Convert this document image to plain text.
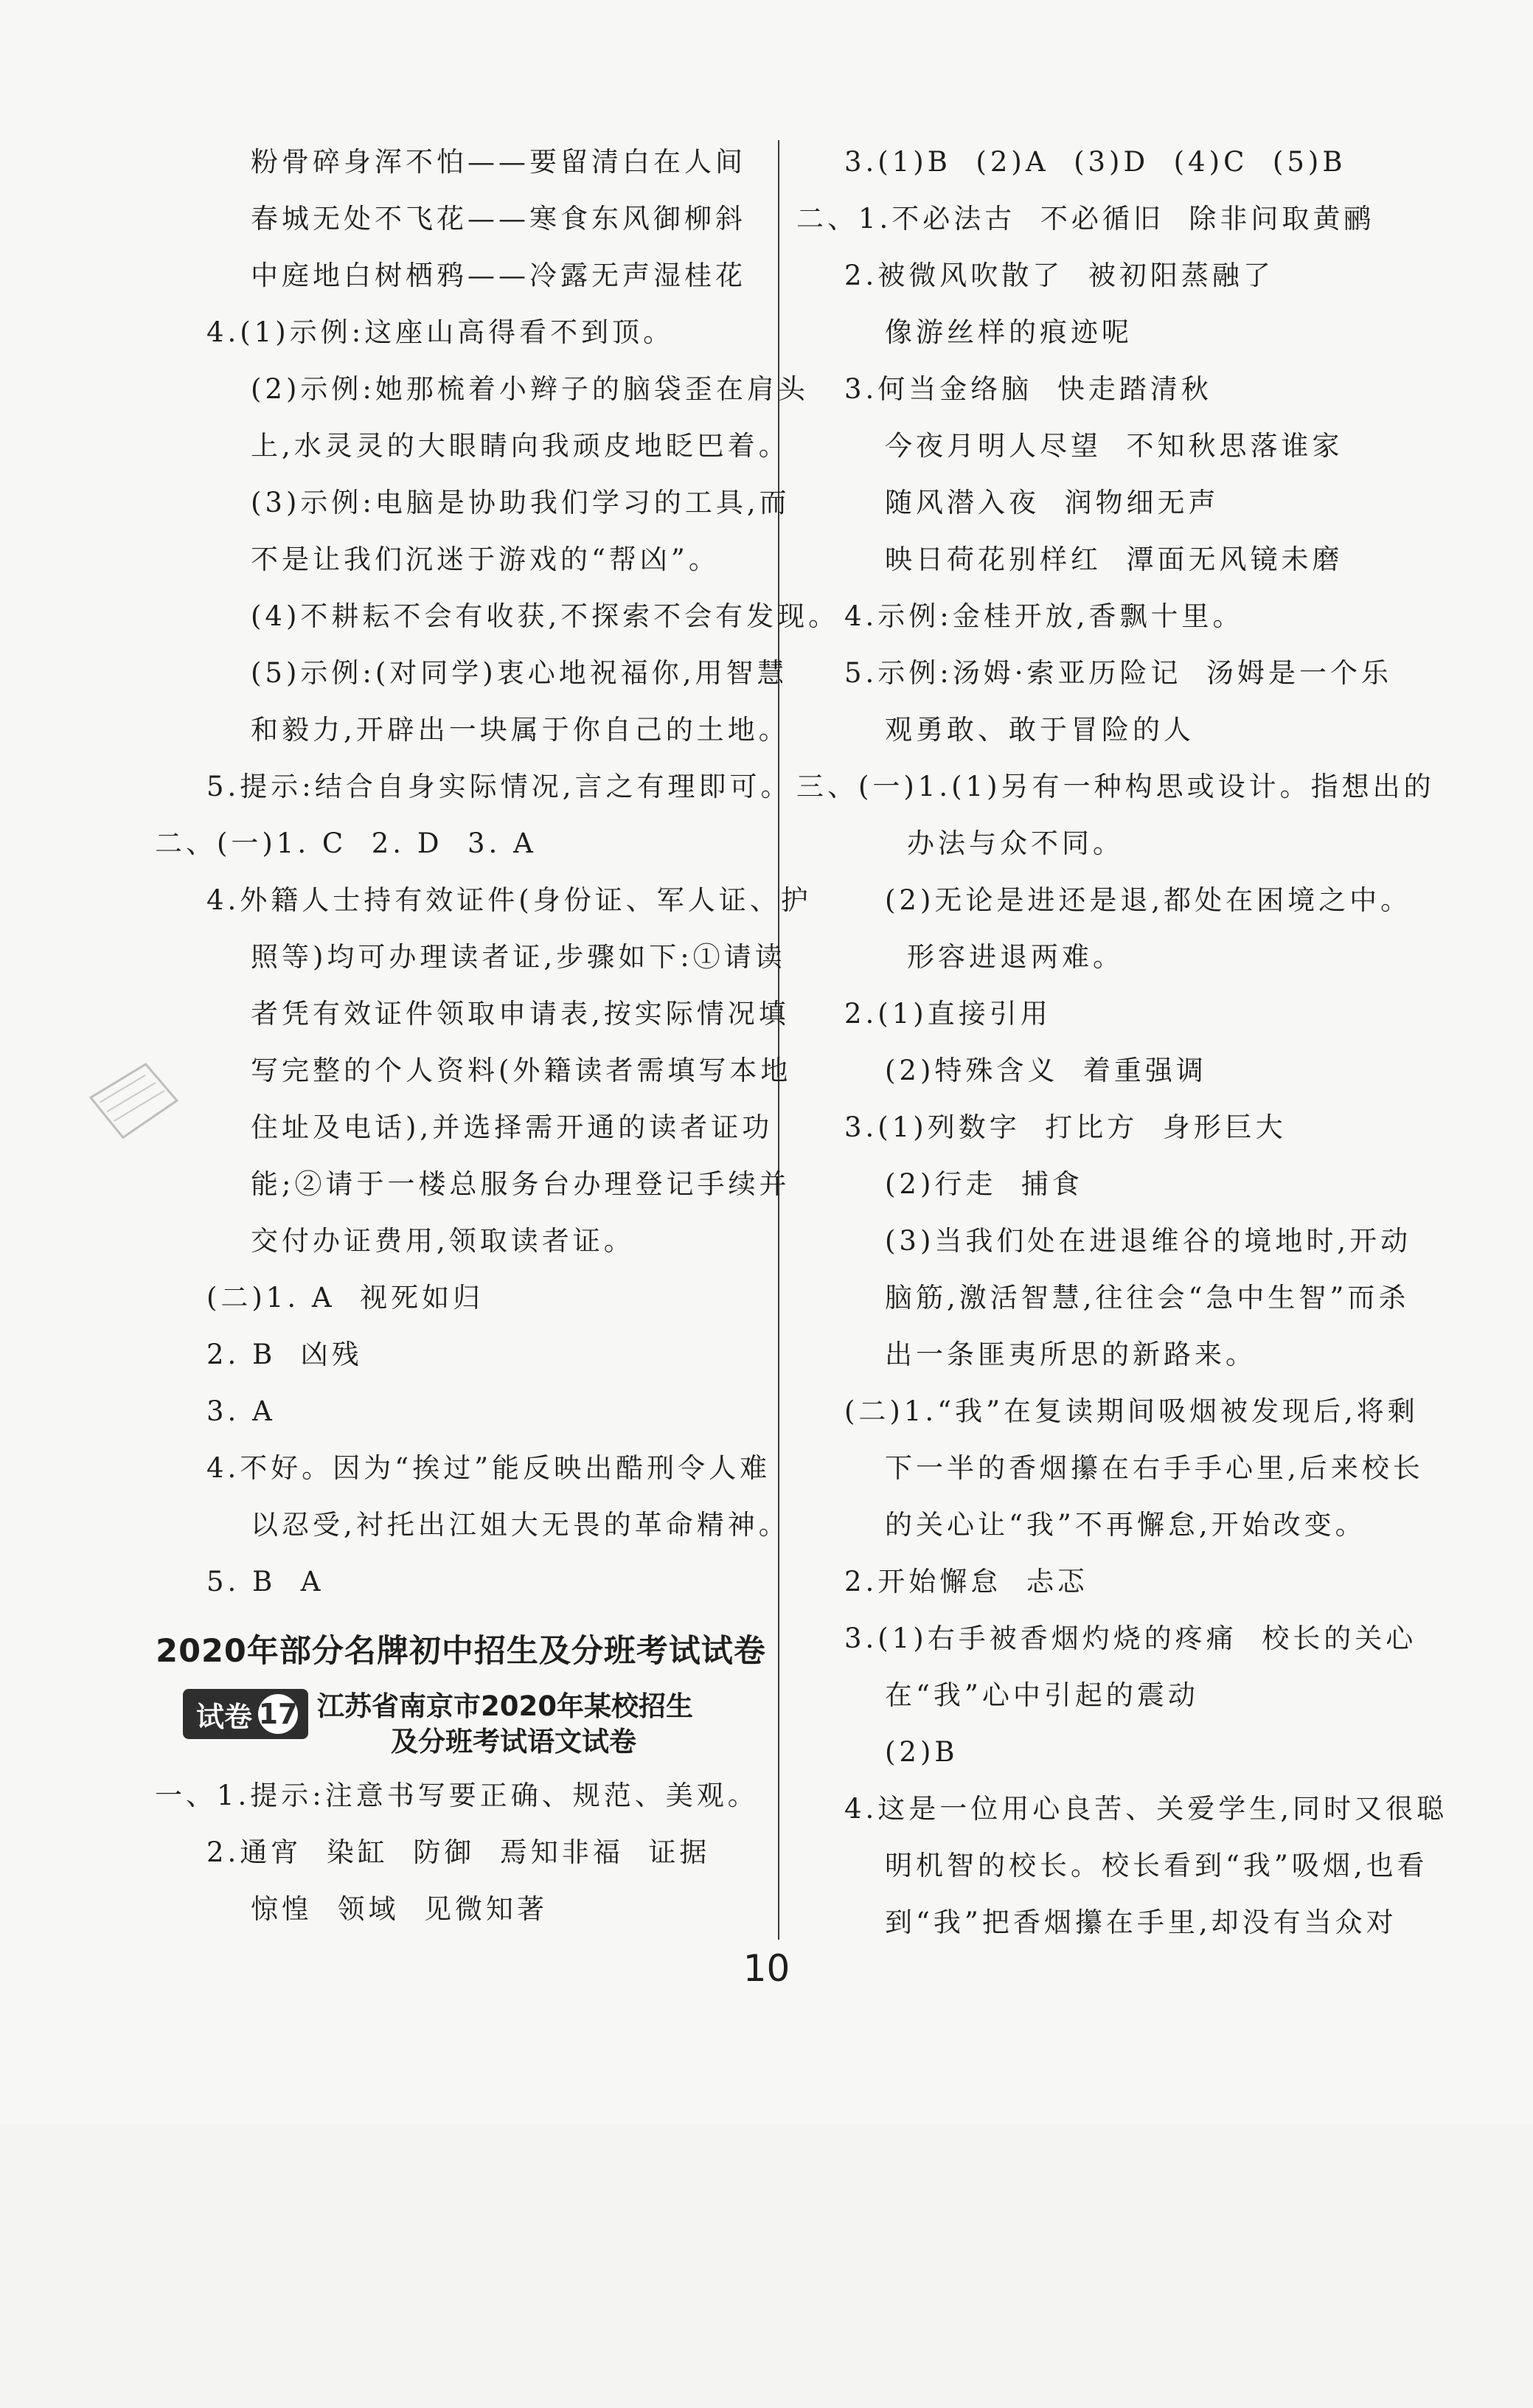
2020年部分名牌初中招生及分班考试试卷
试卷 17 江苏省南京市2020年某校招生
及分班考试语文试卷
10
粉骨碎身浑不怕——要留清白在人间
春城无处不飞花——寒食东风御柳斜
中庭地白树栖鸦——冷露无声湿桂花
4.(1)示例:这座山高得看不到顶。
(2)示例:她那梳着小辫子的脑袋歪在肩头
上,水灵灵的大眼睛向我顽皮地眨巴着。
(3)示例:电脑是协助我们学习的工具,而
不是让我们沉迷于游戏的“帮凶”。
(4)不耕耘不会有收获,不探索不会有发现。
(5)示例:(对同学)衷心地祝福你,用智慧
和毅力,开辟出一块属于你自己的土地。
5.提示:结合自身实际情况,言之有理即可。
二、(一)1. C  2. D  3. A
4.外籍人士持有效证件(身份证、军人证、护
照等)均可办理读者证,步骤如下:①请读
者凭有效证件领取申请表,按实际情况填
写完整的个人资料(外籍读者需填写本地
住址及电话),并选择需开通的读者证功
能;②请于一楼总服务台办理登记手续并
交付办证费用,领取读者证。
(二)1. A  视死如归
2. B  凶残
3. A
4.不好。因为“挨过”能反映出酷刑令人难
以忍受,衬托出江姐大无畏的革命精神。
5. B  A
一、1.提示:注意书写要正确、规范、美观。
2.通宵  染缸  防御  焉知非福  证据
惊惶  领域  见微知著
3.(1)B  (2)A  (3)D  (4)C  (5)B
二、1.不必法古  不必循旧  除非问取黄鹂
2.被微风吹散了  被初阳蒸融了
像游丝样的痕迹呢
3.何当金络脑  快走踏清秋
今夜月明人尽望  不知秋思落谁家
随风潜入夜  润物细无声
映日荷花别样红  潭面无风镜未磨
4.示例:金桂开放,香飘十里。
5.示例:汤姆·索亚历险记  汤姆是一个乐
观勇敢、敢于冒险的人
三、(一)1.(1)另有一种构思或设计。指想出的
办法与众不同。
(2)无论是进还是退,都处在困境之中。
形容进退两难。
2.(1)直接引用
(2)特殊含义  着重强调
3.(1)列数字  打比方  身形巨大
(2)行走  捕食
(3)当我们处在进退维谷的境地时,开动
脑筋,激活智慧,往往会“急中生智”而杀
出一条匪夷所思的新路来。
(二)1.“我”在复读期间吸烟被发现后,将剩
下一半的香烟攥在右手手心里,后来校长
的关心让“我”不再懈怠,开始改变。
2.开始懈怠  忐忑
3.(1)右手被香烟灼烧的疼痛  校长的关心
在“我”心中引起的震动
(2)B
4.这是一位用心良苦、关爱学生,同时又很聪
明机智的校长。校长看到“我”吸烟,也看
到“我”把香烟攥在手里,却没有当众对
